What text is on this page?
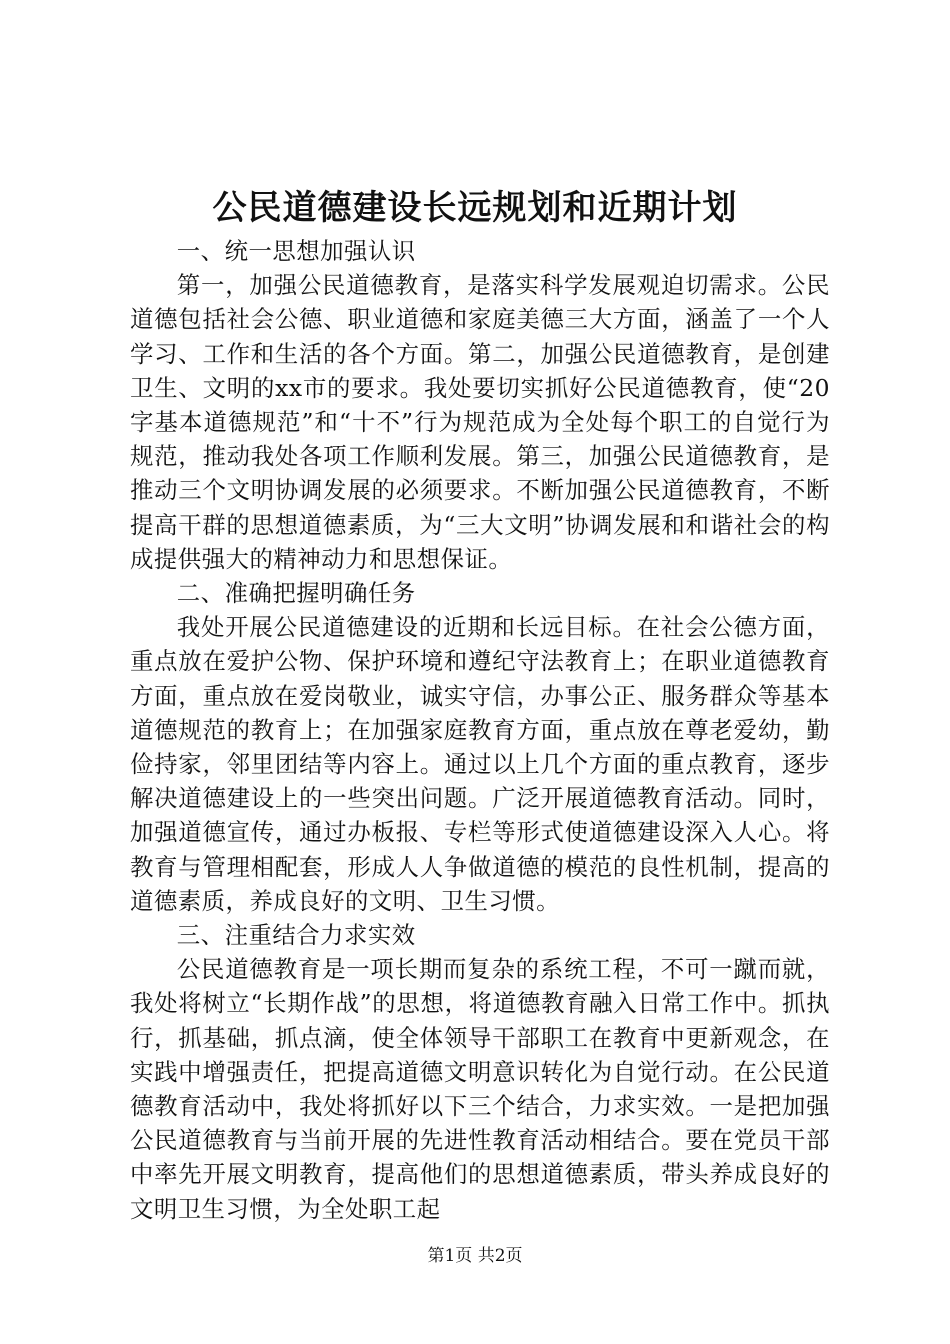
公民道德建设长远规划和近期计划

一、统一思想加强认识

第一，加强公民道德教育，是落实科学发展观迫切需求。公民道德包括社会公德、职业道德和家庭美德三大方面，涵盖了一个人学习、工作和生活的各个方面。第二，加强公民道德教育，是创建卫生、文明的xx市的要求。我处要切实抓好公民道德教育，使“20字基本道德规范”和“十不”行为规范成为全处每个职工的自觉行为规范，推动我处各项工作顺利发展。第三，加强公民道德教育，是推动三个文明协调发展的必须要求。不断加强公民道德教育，不断提高干群的思想道德素质，为“三大文明”协调发展和和谐社会的构成提供强大的精神动力和思想保证。

二、准确把握明确任务

我处开展公民道德建设的近期和长远目标。在社会公德方面，重点放在爱护公物、保护环境和遵纪守法教育上；在职业道德教育方面，重点放在爱岗敬业，诚实守信，办事公正、服务群众等基本道德规范的教育上；在加强家庭教育方面，重点放在尊老爱幼，勤俭持家，邻里团结等内容上。通过以上几个方面的重点教育，逐步解决道德建设上的一些突出问题。广泛开展道德教育活动。同时，加强道德宣传，通过办板报、专栏等形式使道德建设深入人心。将教育与管理相配套，形成人人争做道德的模范的良性机制，提高的道德素质，养成良好的文明、卫生习惯。

三、注重结合力求实效

公民道德教育是一项长期而复杂的系统工程，不可一蹴而就，我处将树立“长期作战”的思想，将道德教育融入日常工作中。抓执行，抓基础，抓点滴，使全体领导干部职工在教育中更新观念，在实践中增强责任，把提高道德文明意识转化为自觉行动。在公民道德教育活动中，我处将抓好以下三个结合，力求实效。一是把加强公民道德教育与当前开展的先进性教育活动相结合。要在党员干部中率先开展文明教育，提高他们的思想道德素质，带头养成良好的文明卫生习惯，为全处职工起

第1页 共2页
